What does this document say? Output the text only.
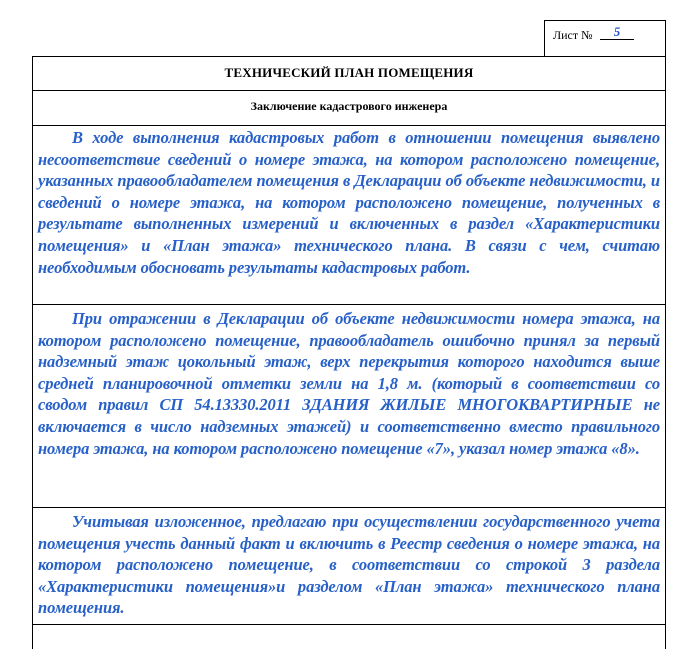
Лист №	5
ТЕХНИЧЕСКИЙ ПЛАН ПОМЕЩЕНИЯ
Заключение кадастрового инженера

В ходе выполнения кадастровых работ в отношении помещения выявлено несоответствие сведений о номере этажа, на котором расположено помещение, указанных правообладателем помещения в Декларации об объекте недвижимости, и сведений о номере этажа, на котором расположено помещение, полученных в результате выполненных измерений и включенных в раздел «Характеристики помещения» и «План этажа» технического плана. В связи с чем, считаю необходимым обосновать результаты кадастровых работ.

При отражении в Декларации об объекте недвижимости номера этажа, на котором расположено помещение, правообладатель ошибочно принял за первый надземный этаж цокольный этаж, верх перекрытия которого находится выше средней планировочной отметки земли на 1,8 м. (который в соответствии со сводом правил СП 54.13330.2011 ЗДАНИЯ ЖИЛЫЕ МНОГОКВАРТИРНЫЕ не включается в число надземных этажей) и соответственно вместо правильного номера этажа, на котором расположено помещение «7», указал номер этажа «8».

Учитывая изложенное, предлагаю при осуществлении государственного учета помещения учесть данный факт и включить в Реестр сведения о номере этажа, на котором расположено помещение, в соответствии со строкой 3 раздела «Характеристики помещения»и разделом «План этажа» технического плана помещения.
